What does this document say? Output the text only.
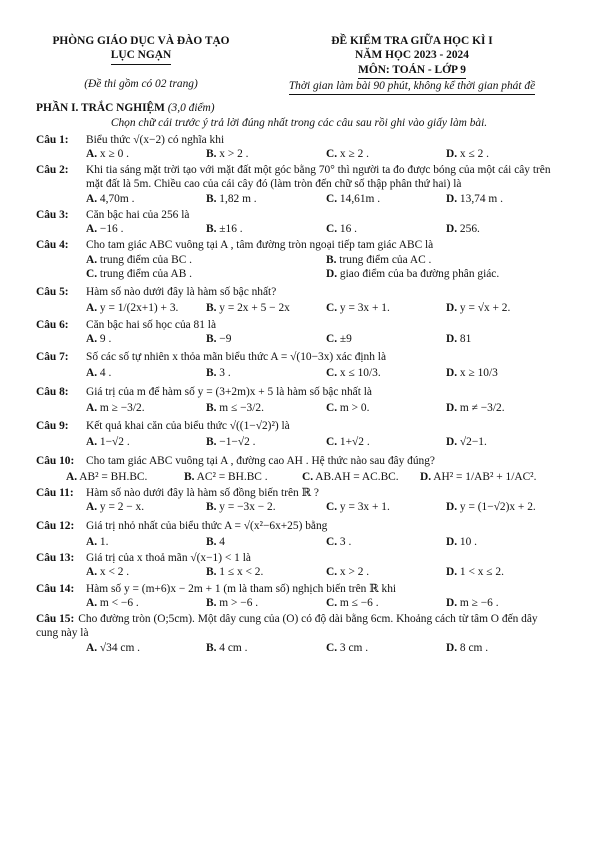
PHÒNG GIÁO DỤC VÀ ĐÀO TẠO
LỤC NGẠN
(Đề thi gồm có 02 trang)
ĐỀ KIỂM TRA GIỮA HỌC KÌ I
NĂM HỌC 2023 - 2024
MÔN: TOÁN - LỚP 9
Thời gian làm bài 90 phút, không kể thời gian phát đề
PHẦN I. TRẮC NGHIỆM (3,0 điểm)
Chọn chữ cái trước ý trả lời đúng nhất trong các câu sau rồi ghi vào giấy làm bài.
Câu 1:	Biểu thức √(x−2) có nghĩa khi
A. x ≥ 0 .	B. x > 2 .	C. x ≥ 2 .	D. x ≤ 2 .
Câu 2:	Khi tia sáng mặt trời tạo với mặt đất một góc bằng 70° thì người ta đo được bóng của một cái cây trên mặt đất là 5m. Chiều cao của cái cây đó (làm tròn đến chữ số thập phân thứ hai) là
A. 4,70m .	B. 1,82 m .	C. 14,61m .	D. 13,74 m .
Câu 3:	Căn bậc hai của 256 là
A. −16 .	B. ±16 .	C. 16 .	D. 256.
Câu 4:	Cho tam giác ABC vuông tại A , tâm đường tròn ngoại tiếp tam giác ABC là
A. trung điểm của BC .	B. trung điểm của AC .
C. trung điểm của AB .	D. giao điểm của ba đường phân giác.
Câu 5:	Hàm số nào dưới đây là hàm số bậc nhất?
A. y = 1/(2x+1) + 3.	B. y = 2x + 5 − 2x	C. y = 3x + 1.	D. y = √x + 2.
Câu 6:	Căn bậc hai số học của 81 là
A. 9 .	B. −9	C. ±9	D. 81
Câu 7:	Số các số tự nhiên x thỏa mãn biểu thức A = √(10−3x) xác định là
A. 4 .	B. 3 .	C. x ≤ 10/3.	D. x ≥ 10/3
Câu 8:	Giá trị của m để hàm số y = (3+2m)x + 5 là hàm số bậc nhất là
A. m ≥ −3/2.	B. m ≤ −3/2.	C. m > 0.	D. m ≠ −3/2.
Câu 9:	Kết quả khai căn của biểu thức √((1−√2)²) là
A. 1−√2 .	B. −1−√2 .	C. 1+√2 .	D. √2−1.
Câu 10:	Cho tam giác ABC vuông tại A , đường cao AH . Hệ thức nào sau đây đúng?
A. AB² = BH.BC.	B. AC² = BH.BC .	C. AB.AH = AC.BC.	D. AH² = 1/AB² + 1/AC².
Câu 11:	Hàm số nào dưới đây là hàm số đồng biến trên ℝ ?
A. y = 2 − x.	B. y = −3x − 2.	C. y = 3x + 1.	D. y = (1−√2)x + 2.
Câu 12:	Giá trị nhỏ nhất của biểu thức A = √(x²−6x+25) bằng
A. 1.	B. 4	C. 3 .	D. 10 .
Câu 13:	Giá trị của x thoả mãn √(x−1) < 1 là
A. x < 2 .	B. 1 ≤ x < 2.	C. x > 2 .	D. 1 < x ≤ 2.
Câu 14:	Hàm số y = (m+6)x − 2m + 1 (m là tham số) nghịch biến trên ℝ khi
A. m < −6 .	B. m > −6 .	C. m ≤ −6 .	D. m ≥ −6 .
Câu 15: Cho đường tròn (O;5cm). Một dây cung của (O) có độ dài bằng 6cm. Khoảng cách từ tâm O đến dây cung này là
A. √34 cm .	B. 4 cm .	C. 3 cm .	D. 8 cm .
